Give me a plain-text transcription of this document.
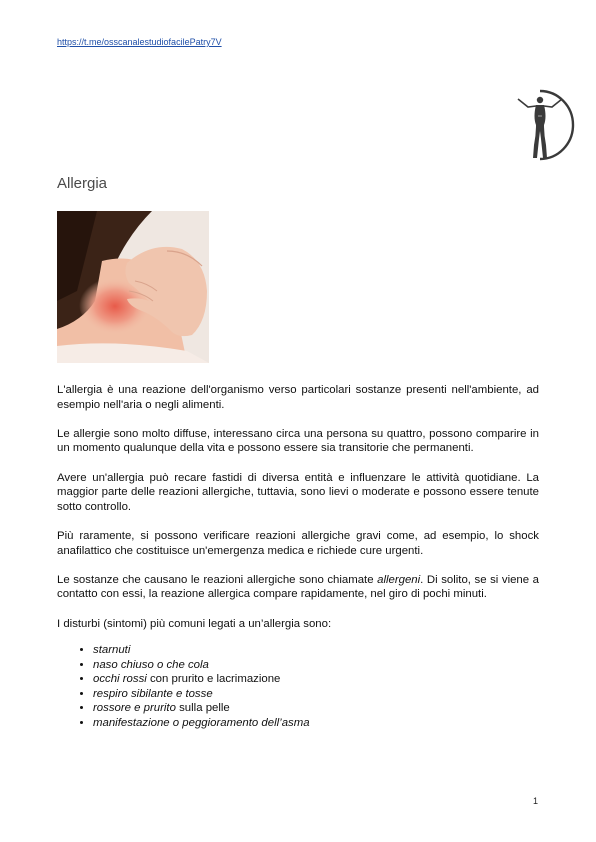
https://t.me/osscanalestudiofacilePatry7V
Allergia

L'allergia è una reazione dell'organismo verso particolari sostanze presenti nell'ambiente, ad esempio nell'aria o negli alimenti.

Le allergie sono molto diffuse, interessano circa una persona su quattro, possono comparire in un momento qualunque della vita e possono essere sia transitorie che permanenti.

Avere un'allergia può recare fastidi di diversa entità e influenzare le attività quotidiane. La maggior parte delle reazioni allergiche, tuttavia, sono lievi o moderate e possono essere tenute sotto controllo.

Più raramente, si possono verificare reazioni allergiche gravi come, ad esempio, lo shock anafilattico che costituisce un'emergenza medica e richiede cure urgenti.

Le sostanze che causano le reazioni allergiche sono chiamate allergeni. Di solito, se si viene a contatto con essi, la reazione allergica compare rapidamente, nel giro di pochi minuti.

I disturbi (sintomi) più comuni legati a un’allergia sono:

• starnuti
• naso chiuso o che cola
• occhi rossi con prurito e lacrimazione
• respiro sibilante e tosse
• rossore e prurito sulla pelle
• manifestazione o peggioramento dell’asma
1
